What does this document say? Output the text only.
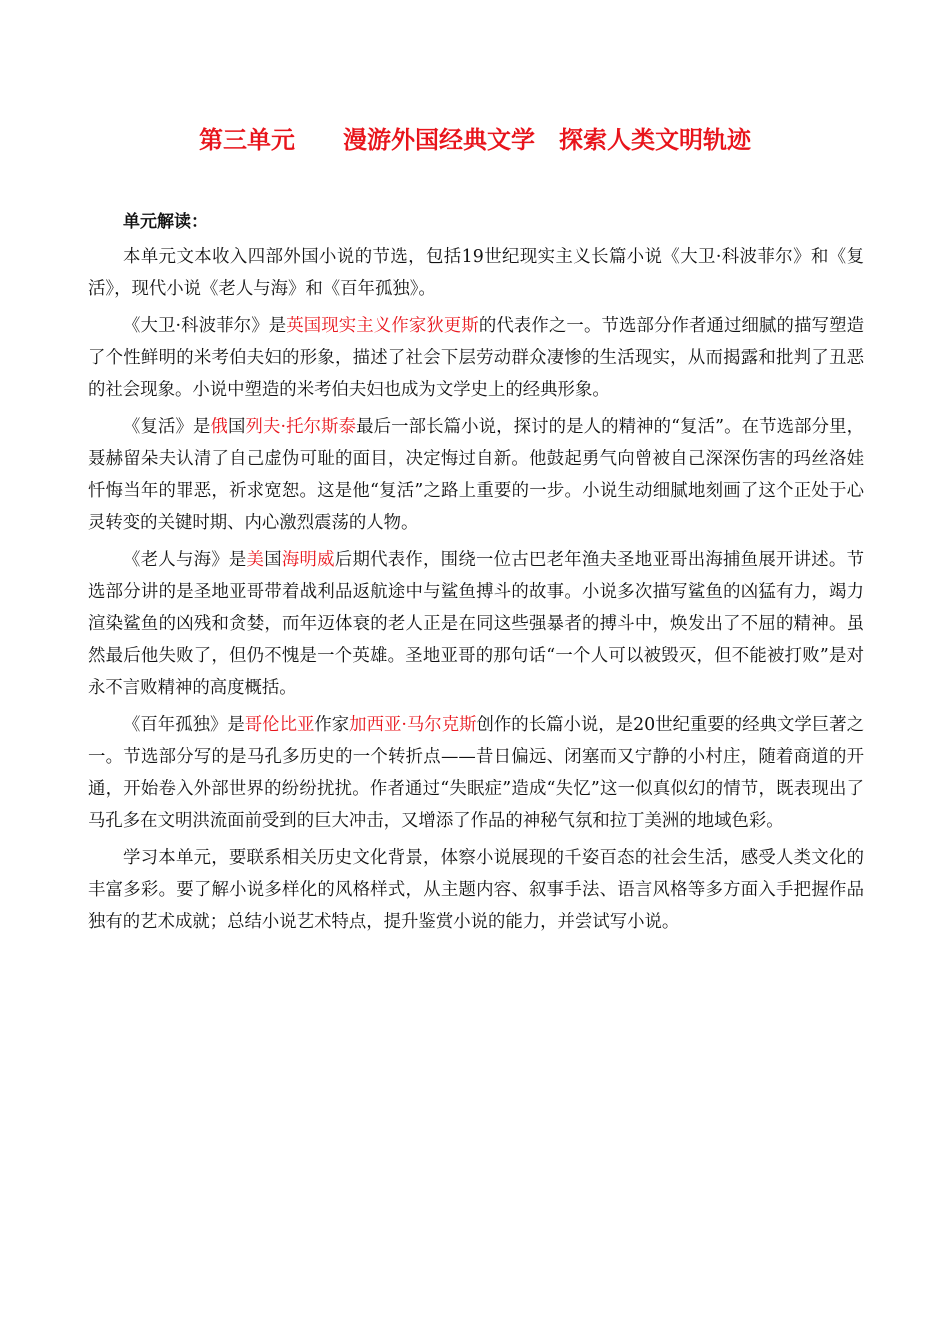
第三单元　　漫游外国经典文学　探索人类文明轨迹

单元解读：

本单元文本收入四部外国小说的节选，包括19世纪现实主义长篇小说《大卫·科波菲尔》和《复活》，现代小说《老人与海》和《百年孤独》。

《大卫·科波菲尔》是英国现实主义作家狄更斯的代表作之一。节选部分作者通过细腻的描写塑造了个性鲜明的米考伯夫妇的形象，描述了社会下层劳动群众凄惨的生活现实，从而揭露和批判了丑恶的社会现象。小说中塑造的米考伯夫妇也成为文学史上的经典形象。

《复活》是俄国列夫·托尔斯泰最后一部长篇小说，探讨的是人的精神的“复活”。在节选部分里，聂赫留朵夫认清了自己虚伪可耻的面目，决定悔过自新。他鼓起勇气向曾被自己深深伤害的玛丝洛娃忏悔当年的罪恶，祈求宽恕。这是他“复活”之路上重要的一步。小说生动细腻地刻画了这个正处于心灵转变的关键时期、内心激烈震荡的人物。

《老人与海》是美国海明威后期代表作，围绕一位古巴老年渔夫圣地亚哥出海捕鱼展开讲述。节选部分讲的是圣地亚哥带着战利品返航途中与鲨鱼搏斗的故事。小说多次描写鲨鱼的凶猛有力，竭力渲染鲨鱼的凶残和贪婪，而年迈体衰的老人正是在同这些强暴者的搏斗中，焕发出了不屈的精神。虽然最后他失败了，但仍不愧是一个英雄。圣地亚哥的那句话“一个人可以被毁灭，但不能被打败”是对永不言败精神的高度概括。

《百年孤独》是哥伦比亚作家加西亚·马尔克斯创作的长篇小说，是20世纪重要的经典文学巨著之一。节选部分写的是马孔多历史的一个转折点——昔日偏远、闭塞而又宁静的小村庄，随着商道的开通，开始卷入外部世界的纷纷扰扰。作者通过“失眠症”造成“失忆”这一似真似幻的情节，既表现出了马孔多在文明洪流面前受到的巨大冲击，又增添了作品的神秘气氛和拉丁美洲的地域色彩。

学习本单元，要联系相关历史文化背景，体察小说展现的千姿百态的社会生活，感受人类文化的丰富多彩。要了解小说多样化的风格样式，从主题内容、叙事手法、语言风格等多方面入手把握作品独有的艺术成就；总结小说艺术特点，提升鉴赏小说的能力，并尝试写小说。
